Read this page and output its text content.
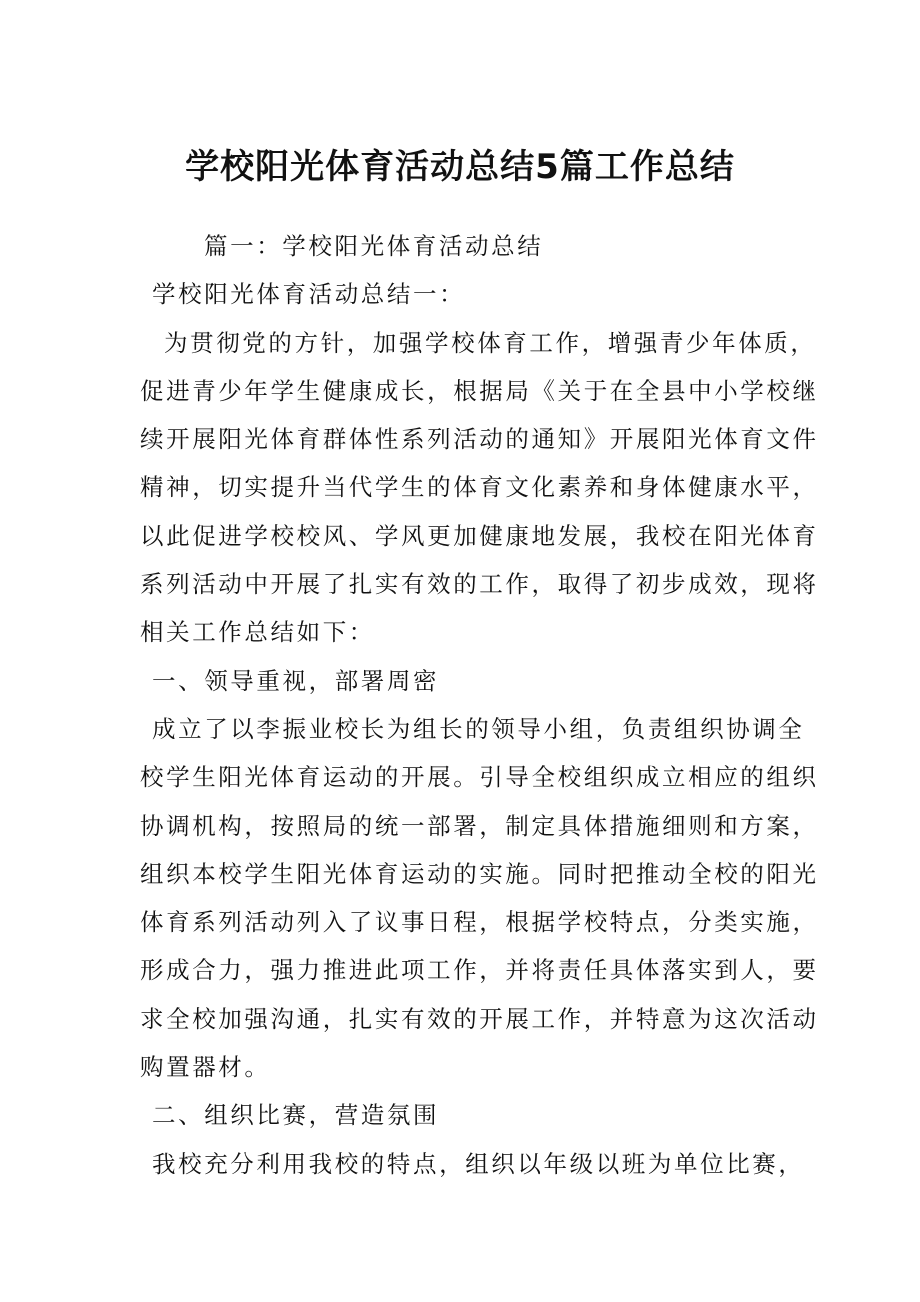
学校阳光体育活动总结5篇工作总结
篇一：学校阳光体育活动总结
学校阳光体育活动总结一：
为贯彻党的方针，加强学校体育工作，增强青少年体质，
促进青少年学生健康成长，根据局《关于在全县中小学校继
续开展阳光体育群体性系列活动的通知》开展阳光体育文件
精神，切实提升当代学生的体育文化素养和身体健康水平，
以此促进学校校风、学风更加健康地发展，我校在阳光体育
系列活动中开展了扎实有效的工作，取得了初步成效，现将
相关工作总结如下：
一、领导重视，部署周密
成立了以李振业校长为组长的领导小组，负责组织协调全
校学生阳光体育运动的开展。引导全校组织成立相应的组织
协调机构，按照局的统一部署，制定具体措施细则和方案，
组织本校学生阳光体育运动的实施。同时把推动全校的阳光
体育系列活动列入了议事日程，根据学校特点，分类实施，
形成合力，强力推进此项工作，并将责任具体落实到人，要
求全校加强沟通，扎实有效的开展工作，并特意为这次活动
购置器材。
二、组织比赛，营造氛围
我校充分利用我校的特点，组织以年级以班为单位比赛，
